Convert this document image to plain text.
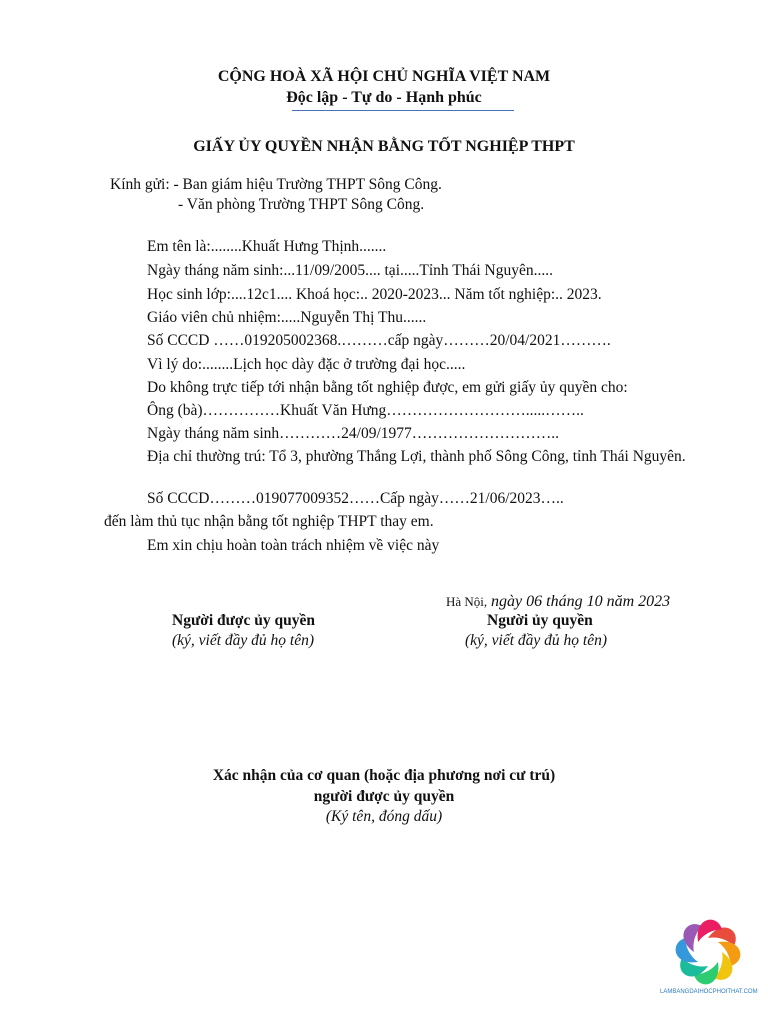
CỘNG HOÀ XÃ HỘI CHỦ NGHĨA VIỆT NAM
Độc lập - Tự do - Hạnh phúc
GIẤY ỦY QUYỀN NHẬN BẰNG TỐT NGHIỆP THPT
Kính gửi: - Ban giám hiệu Trường THPT Sông Công.
- Văn phòng Trường THPT Sông Công.
Em tên là:........Khuất Hưng Thịnh.......
Ngày tháng năm sinh:...11/09/2005.... tại.....Tỉnh Thái Nguyên.....
Học sinh lớp:....12c1.... Khoá học:.. 2020-2023... Năm tốt nghiệp:.. 2023.
Giáo viên chủ nhiệm:.....Nguyễn Thị Thu......
Số CCCD ……019205002368.………cấp ngày………20/04/2021……….
Vì lý do:........Lịch học dày đặc ở trường đại học.....
Do không trực tiếp tới nhận bằng tốt nghiệp được, em gửi giấy ủy quyền cho:
Ông (bà)……………Khuất Văn Hưng……………………….....……..
Ngày tháng năm sinh…………24/09/1977………………………..
Địa chỉ thường trú: Tổ 3, phường Thắng Lợi, thành phố Sông Công, tỉnh Thái Nguyên.
Số CCCD………019077009352……Cấp ngày……21/06/2023…..
đến làm thủ tục nhận bằng tốt nghiệp THPT thay em.
Em xin chịu hoàn toàn trách nhiệm về việc này
Hà Nội, ngày 06 tháng 10 năm 2023
Người được ủy quyền
(ký, viết đầy đủ họ tên)
Người ủy quyền
(ký, viết đầy đủ họ tên)
Xác nhận của cơ quan (hoặc địa phương nơi cư trú)
người được ủy quyền
(Ký tên, đóng dấu)
LAMBANGDAIHOCPHOITHAT.COM
